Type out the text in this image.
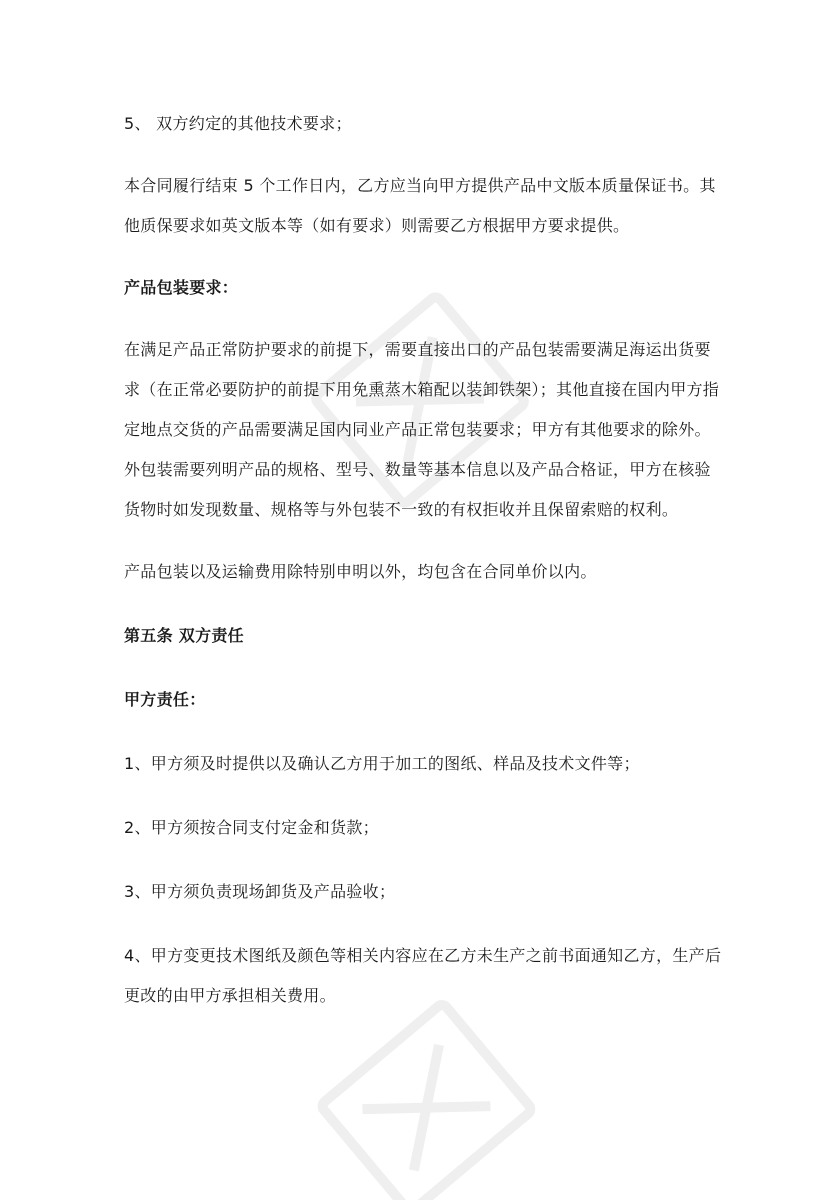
5、 双方约定的其他技术要求；

本合同履行结束 5 个工作日内，乙方应当向甲方提供产品中文版本质量保证书。其他质保要求如英文版本等（如有要求）则需要乙方根据甲方要求提供。

产品包装要求：

在满足产品正常防护要求的前提下，需要直接出口的产品包装需要满足海运出货要求（在正常必要防护的前提下用免熏蒸木箱配以装卸铁架）；其他直接在国内甲方指定地点交货的产品需要满足国内同业产品正常包装要求；甲方有其他要求的除外。外包装需要列明产品的规格、型号、数量等基本信息以及产品合格证，甲方在核验货物时如发现数量、规格等与外包装不一致的有权拒收并且保留索赔的权利。

产品包装以及运输费用除特别申明以外，均包含在合同单价以内。

第五条 双方责任

甲方责任：

1、甲方须及时提供以及确认乙方用于加工的图纸、样品及技术文件等；

2、甲方须按合同支付定金和货款；

3、甲方须负责现场卸货及产品验收；

4、甲方变更技术图纸及颜色等相关内容应在乙方未生产之前书面通知乙方，生产后更改的由甲方承担相关费用。
